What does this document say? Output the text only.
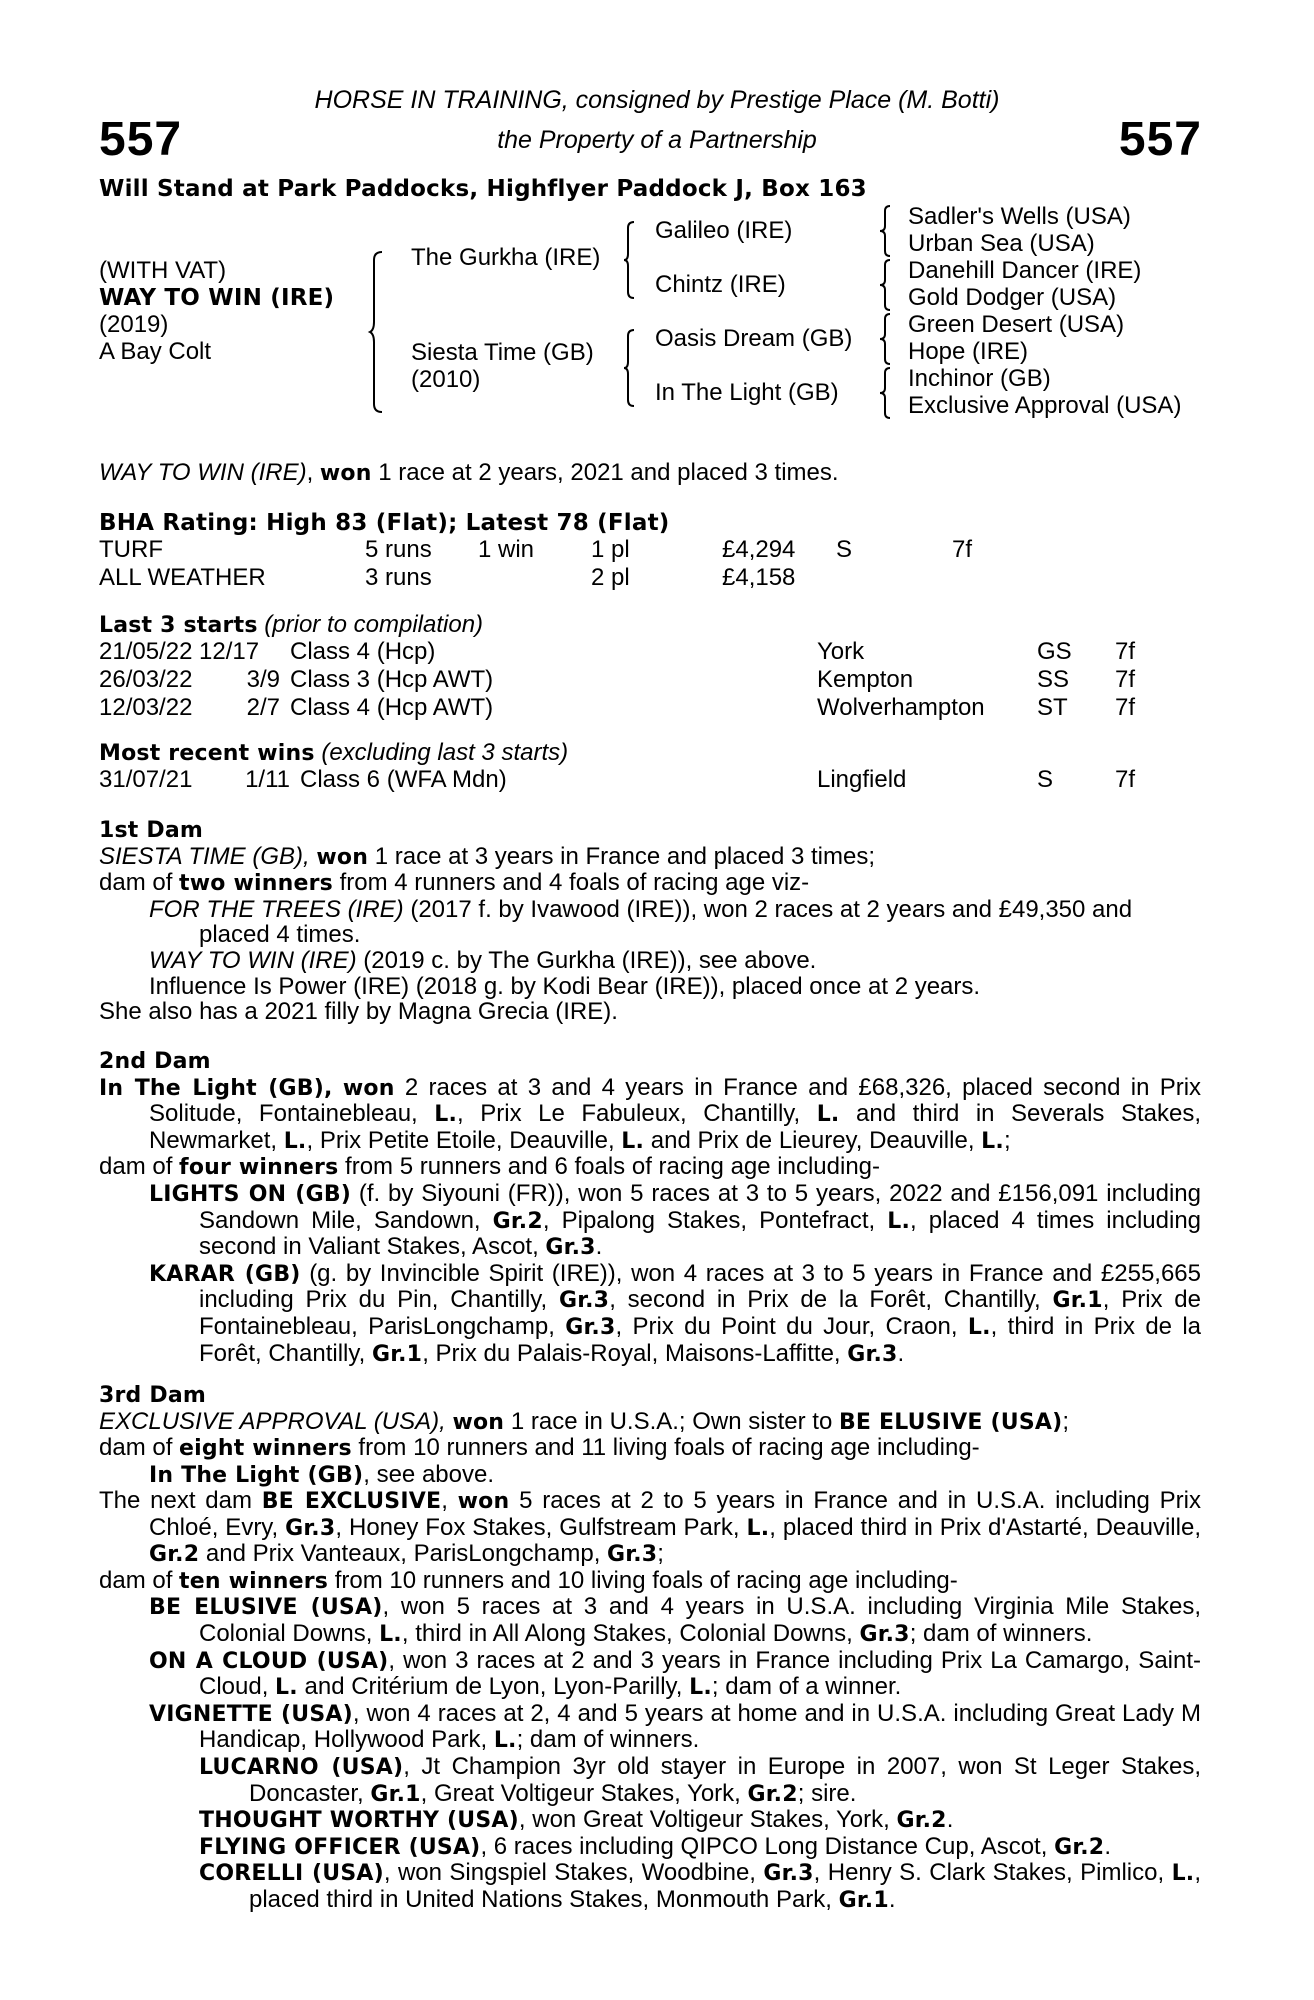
557	557
HORSE IN TRAINING, consigned by Prestige Place (M. Botti)
the Property of a Partnership
Will Stand at Park Paddocks, Highflyer Paddock J, Box 163
(WITH VAT)
WAY TO WIN (IRE)
(2019)
A Bay Colt
The Gurkha (IRE)
Siesta Time (GB)
(2010)
Galileo (IRE)
Chintz (IRE)
Oasis Dream (GB)
In The Light (GB)
Sadler's Wells (USA)
Urban Sea (USA)
Danehill Dancer (IRE)
Gold Dodger (USA)
Green Desert (USA)
Hope (IRE)
Inchinor (GB)
Exclusive Approval (USA)
WAY TO WIN (IRE), won 1 race at 2 years, 2021 and placed 3 times.
BHA Rating: High 83 (Flat); Latest 78 (Flat)
TURF	5 runs	1 win	1 pl	£4,294	S	7f
ALL WEATHER	3 runs		2 pl	£4,158		
Last 3 starts (prior to compilation)
21/05/22	12/17	Class 4 (Hcp)	York	GS	7f
26/03/22	3/9	Class 3 (Hcp AWT)	Kempton	SS	7f
12/03/22	2/7	Class 4 (Hcp AWT)	Wolverhampton	ST	7f
Most recent wins (excluding last 3 starts)
31/07/21	1/11	Class 6 (WFA Mdn)	Lingfield	S	7f
1st Dam
SIESTA TIME (GB), won 1 race at 3 years in France and placed 3 times;
dam of two winners from 4 runners and 4 foals of racing age viz-
FOR THE TREES (IRE) (2017 f. by Ivawood (IRE)), won 2 races at 2 years and £49,350 and placed 4 times.
WAY TO WIN (IRE) (2019 c. by The Gurkha (IRE)), see above.
Influence Is Power (IRE) (2018 g. by Kodi Bear (IRE)), placed once at 2 years.
She also has a 2021 filly by Magna Grecia (IRE).
2nd Dam
In The Light (GB), won 2 races at 3 and 4 years in France and £68,326, placed second in Prix Solitude, Fontainebleau, L., Prix Le Fabuleux, Chantilly, L. and third in Severals Stakes, Newmarket, L., Prix Petite Etoile, Deauville, L. and Prix de Lieurey, Deauville, L.;
dam of four winners from 5 runners and 6 foals of racing age including-
LIGHTS ON (GB) (f. by Siyouni (FR)), won 5 races at 3 to 5 years, 2022 and £156,091 including Sandown Mile, Sandown, Gr.2, Pipalong Stakes, Pontefract, L., placed 4 times including second in Valiant Stakes, Ascot, Gr.3.
KARAR (GB) (g. by Invincible Spirit (IRE)), won 4 races at 3 to 5 years in France and £255,665 including Prix du Pin, Chantilly, Gr.3, second in Prix de la Forêt, Chantilly, Gr.1, Prix de Fontainebleau, ParisLongchamp, Gr.3, Prix du Point du Jour, Craon, L., third in Prix de la Forêt, Chantilly, Gr.1, Prix du Palais-Royal, Maisons-Laffitte, Gr.3.
3rd Dam
EXCLUSIVE APPROVAL (USA), won 1 race in U.S.A.; Own sister to BE ELUSIVE (USA);
dam of eight winners from 10 runners and 11 living foals of racing age including-
In The Light (GB), see above.
The next dam BE EXCLUSIVE, won 5 races at 2 to 5 years in France and in U.S.A. including Prix Chloé, Evry, Gr.3, Honey Fox Stakes, Gulfstream Park, L., placed third in Prix d'Astarté, Deauville, Gr.2 and Prix Vanteaux, ParisLongchamp, Gr.3;
dam of ten winners from 10 runners and 10 living foals of racing age including-
BE ELUSIVE (USA), won 5 races at 3 and 4 years in U.S.A. including Virginia Mile Stakes, Colonial Downs, L., third in All Along Stakes, Colonial Downs, Gr.3; dam of winners.
ON A CLOUD (USA), won 3 races at 2 and 3 years in France including Prix La Camargo, Saint-Cloud, L. and Critérium de Lyon, Lyon-Parilly, L.; dam of a winner.
VIGNETTE (USA), won 4 races at 2, 4 and 5 years at home and in U.S.A. including Great Lady M Handicap, Hollywood Park, L.; dam of winners.
LUCARNO (USA), Jt Champion 3yr old stayer in Europe in 2007, won St Leger Stakes, Doncaster, Gr.1, Great Voltigeur Stakes, York, Gr.2; sire.
THOUGHT WORTHY (USA), won Great Voltigeur Stakes, York, Gr.2.
FLYING OFFICER (USA), 6 races including QIPCO Long Distance Cup, Ascot, Gr.2.
CORELLI (USA), won Singspiel Stakes, Woodbine, Gr.3, Henry S. Clark Stakes, Pimlico, L., placed third in United Nations Stakes, Monmouth Park, Gr.1.
